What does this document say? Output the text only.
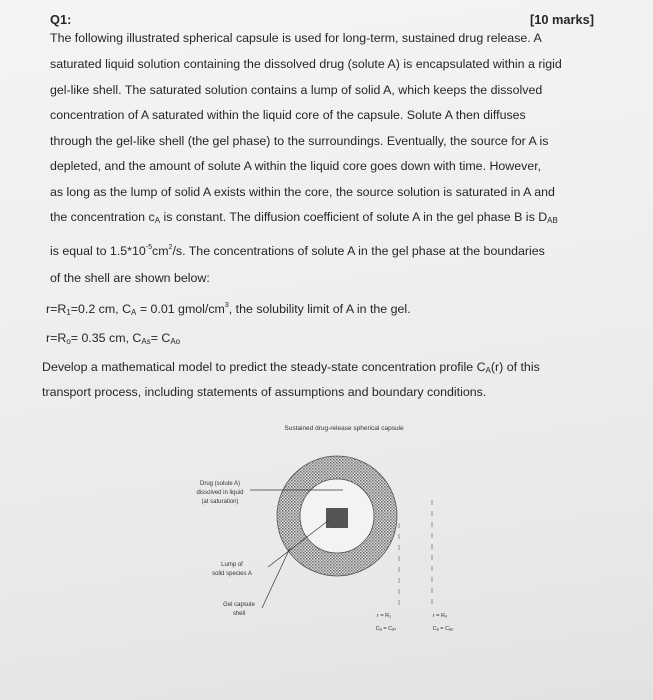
Q1:	[10 marks]
The following illustrated spherical capsule is used for long-term, sustained drug release. A
saturated liquid solution containing the dissolved drug (solute A) is encapsulated within a rigid
gel-like shell. The saturated solution contains a lump of solid A, which keeps the dissolved
concentration of A saturated within the liquid core of the capsule. Solute A then diffuses
through the gel-like shell (the gel phase) to the surroundings. Eventually, the source for A is
depleted, and the amount of solute A within the liquid core goes down with time. However,
as long as the lump of solid A exists within the core, the source solution is saturated in A and
the concentration $c_A$ is constant. The diffusion coefficient of solute A in the gel phase B is $D_{AB}$
is equal to $1.5*10^{-5}cm^2/s$. The concentrations of solute A in the gel phase at the boundaries
of the shell are shown below:
$r=R_1=0.2$ cm, $C_A = 0.01$ gmol/$cm^3$, the solubility limit of A in the gel.
$r=R_o= 0.35$ cm, $C_{As}= C_{Ao}$
Develop a mathematical model to predict the steady-state concentration profile $C_A(r)$ of this
transport process, including statements of assumptions and boundary conditions.
Sustained drug-release spherical capsule
Drug (solute A)
dissolved in liquid
(at saturation)
Lump of
solid species A
Gel capsule
shell	r = R₁
Cₐ = Cₐₛ
r = Rₒ
Cₐ = Cₐₒ
